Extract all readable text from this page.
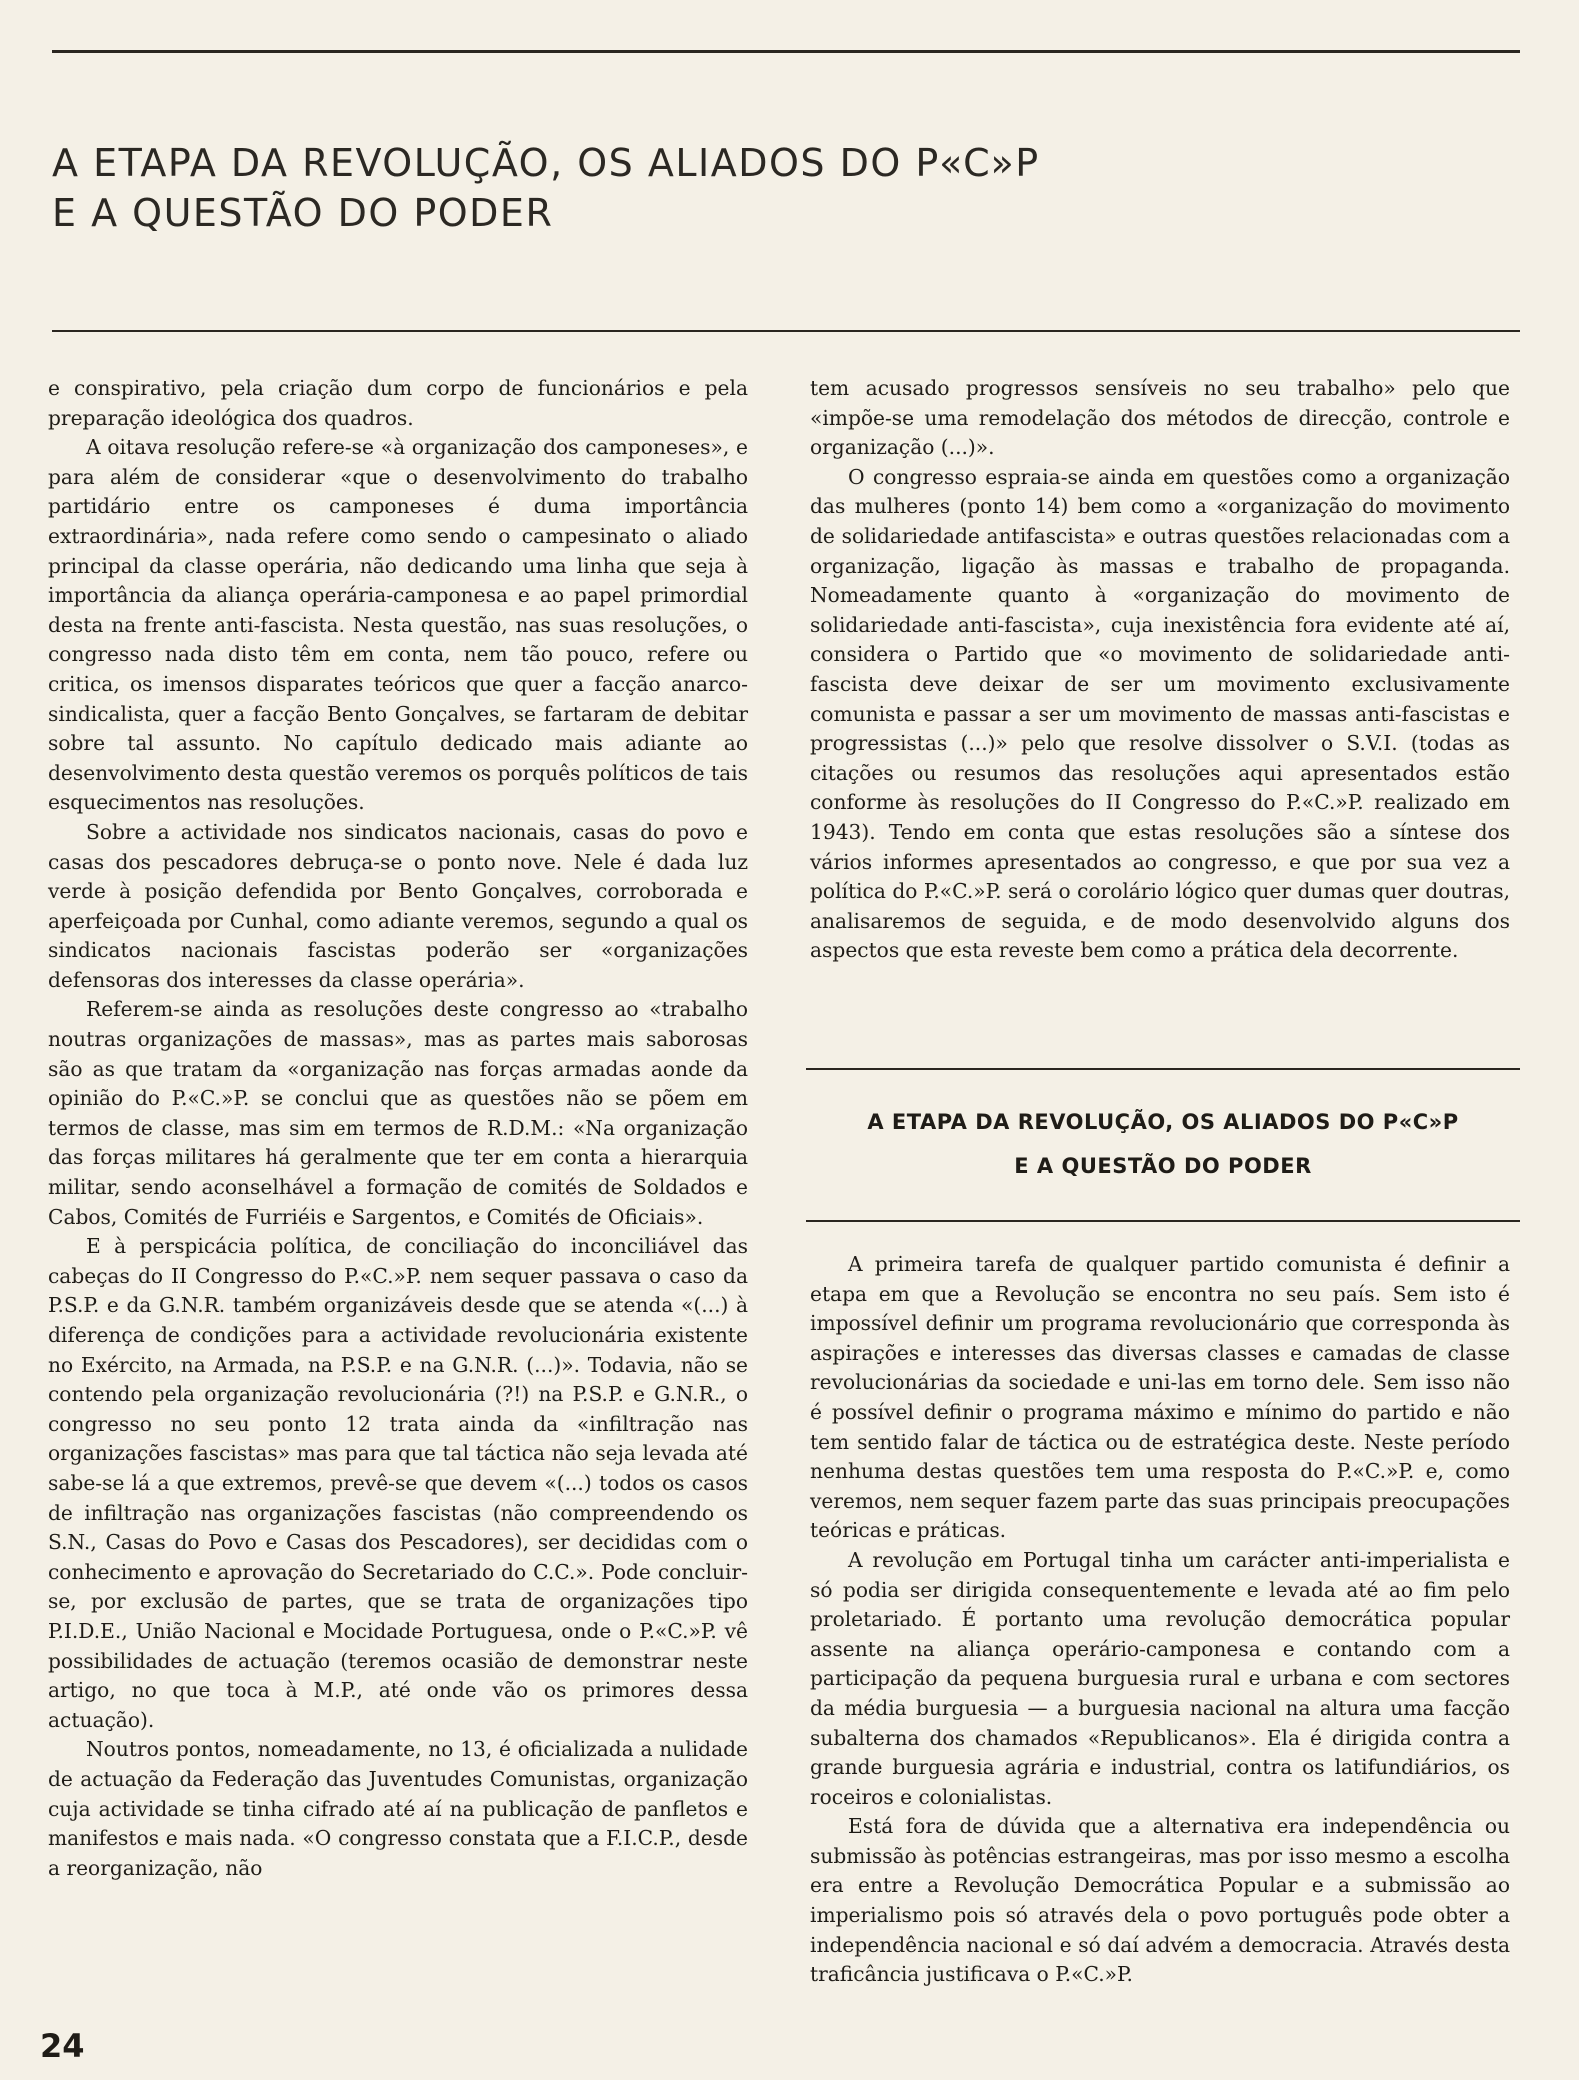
A ETAPA DA REVOLUÇÃO, OS ALIADOS DO P«C»P
E A QUESTÃO DO PODER

e conspirativo, pela criação dum corpo de funcionários e pela preparação ideológica dos quadros.

A oitava resolução refere-se «à organização dos camponeses», e para além de considerar «que o desenvolvimento do trabalho partidário entre os camponeses é duma importância extraordinária», nada refere como sendo o campesinato o aliado principal da classe operária, não dedicando uma linha que seja à importância da aliança operária-camponesa e ao papel primordial desta na frente anti-fascista. Nesta questão, nas suas resoluções, o congresso nada disto têm em conta, nem tão pouco, refere ou critica, os imensos disparates teóricos que quer a facção anarco-sindicalista, quer a facção Bento Gonçalves, se fartaram de debitar sobre tal assunto. No capítulo dedicado mais adiante ao desenvolvimento desta questão veremos os porquês políticos de tais esquecimentos nas resoluções.

Sobre a actividade nos sindicatos nacionais, casas do povo e casas dos pescadores debruça-se o ponto nove. Nele é dada luz verde à posição defendida por Bento Gonçalves, corroborada e aperfeiçoada por Cunhal, como adiante veremos, segundo a qual os sindicatos nacionais fascistas poderão ser «organizações defensoras dos interesses da classe operária».

Referem-se ainda as resoluções deste congresso ao «trabalho noutras organizações de massas», mas as partes mais saborosas são as que tratam da «organização nas forças armadas aonde da opinião do P.«C.»P. se conclui que as questões não se põem em termos de classe, mas sim em termos de R.D.M.: «Na organização das forças militares há geralmente que ter em conta a hierarquia militar, sendo aconselhável a formação de comités de Soldados e Cabos, Comités de Furriéis e Sargentos, e Comités de Oficiais».

E à perspicácia política, de conciliação do inconciliável das cabeças do II Congresso do P.«C.»P. nem sequer passava o caso da P.S.P. e da G.N.R. também organizáveis desde que se atenda «(...) à diferença de condições para a actividade revolucionária existente no Exército, na Armada, na P.S.P. e na G.N.R. (...)». Todavia, não se contendo pela organização revolucionária (?!) na P.S.P. e G.N.R., o congresso no seu ponto 12 trata ainda da «infiltração nas organizações fascistas» mas para que tal táctica não seja levada até sabe-se lá a que extremos, prevê-se que devem «(...) todos os casos de infiltração nas organizações fascistas (não compreendendo os S.N., Casas do Povo e Casas dos Pescadores), ser decididas com o conhecimento e aprovação do Secretariado do C.C.». Pode concluir-se, por exclusão de partes, que se trata de organizações tipo P.I.D.E., União Nacional e Mocidade Portuguesa, onde o P.«C.»P. vê possibilidades de actuação (teremos ocasião de demonstrar neste artigo, no que toca à M.P., até onde vão os primores dessa actuação).

Noutros pontos, nomeadamente, no 13, é oficializada a nulidade de actuação da Federação das Juventudes Comunistas, organização cuja actividade se tinha cifrado até aí na publicação de panfletos e manifestos e mais nada. «O congresso constata que a F.I.C.P., desde a reorganização, não

tem acusado progressos sensíveis no seu trabalho» pelo que «impõe-se uma remodelação dos métodos de direcção, controle e organização (...)».

O congresso espraia-se ainda em questões como a organização das mulheres (ponto 14) bem como a «organização do movimento de solidariedade antifascista» e outras questões relacionadas com a organização, ligação às massas e trabalho de propaganda. Nomeadamente quanto à «organização do movimento de solidariedade anti-fascista», cuja inexistência fora evidente até aí, considera o Partido que «o movimento de solidariedade anti-fascista deve deixar de ser um movimento exclusivamente comunista e passar a ser um movimento de massas anti-fascistas e progressistas (...)» pelo que resolve dissolver o S.V.I. (todas as citações ou resumos das resoluções aqui apresentados estão conforme às resoluções do II Congresso do P.«C.»P. realizado em 1943). Tendo em conta que estas resoluções são a síntese dos vários informes apresentados ao congresso, e que por sua vez a política do P.«C.»P. será o corolário lógico quer dumas quer doutras, analisaremos de seguida, e de modo desenvolvido alguns dos aspectos que esta reveste bem como a prática dela decorrente.

A ETAPA DA REVOLUÇÃO, OS ALIADOS DO P«C»P
E A QUESTÃO DO PODER

A primeira tarefa de qualquer partido comunista é definir a etapa em que a Revolução se encontra no seu país. Sem isto é impossível definir um programa revolucionário que corresponda às aspirações e interesses das diversas classes e camadas de classe revolucionárias da sociedade e uni-las em torno dele. Sem isso não é possível definir o programa máximo e mínimo do partido e não tem sentido falar de táctica ou de estratégica deste. Neste período nenhuma destas questões tem uma resposta do P.«C.»P. e, como veremos, nem sequer fazem parte das suas principais preocupações teóricas e práticas.

A revolução em Portugal tinha um carácter anti-imperialista e só podia ser dirigida consequentemente e levada até ao fim pelo proletariado. É portanto uma revolução democrática popular assente na aliança operário-camponesa e contando com a participação da pequena burguesia rural e urbana e com sectores da média burguesia — a burguesia nacional na altura uma facção subalterna dos chamados «Republicanos». Ela é dirigida contra a grande burguesia agrária e industrial, contra os latifundiários, os roceiros e colonialistas.

Está fora de dúvida que a alternativa era independência ou submissão às potências estrangeiras, mas por isso mesmo a escolha era entre a Revolução Democrática Popular e a submissão ao imperialismo pois só através dela o povo português pode obter a independência nacional e só daí advém a democracia. Através desta traficância justificava o P.«C.»P.

24
